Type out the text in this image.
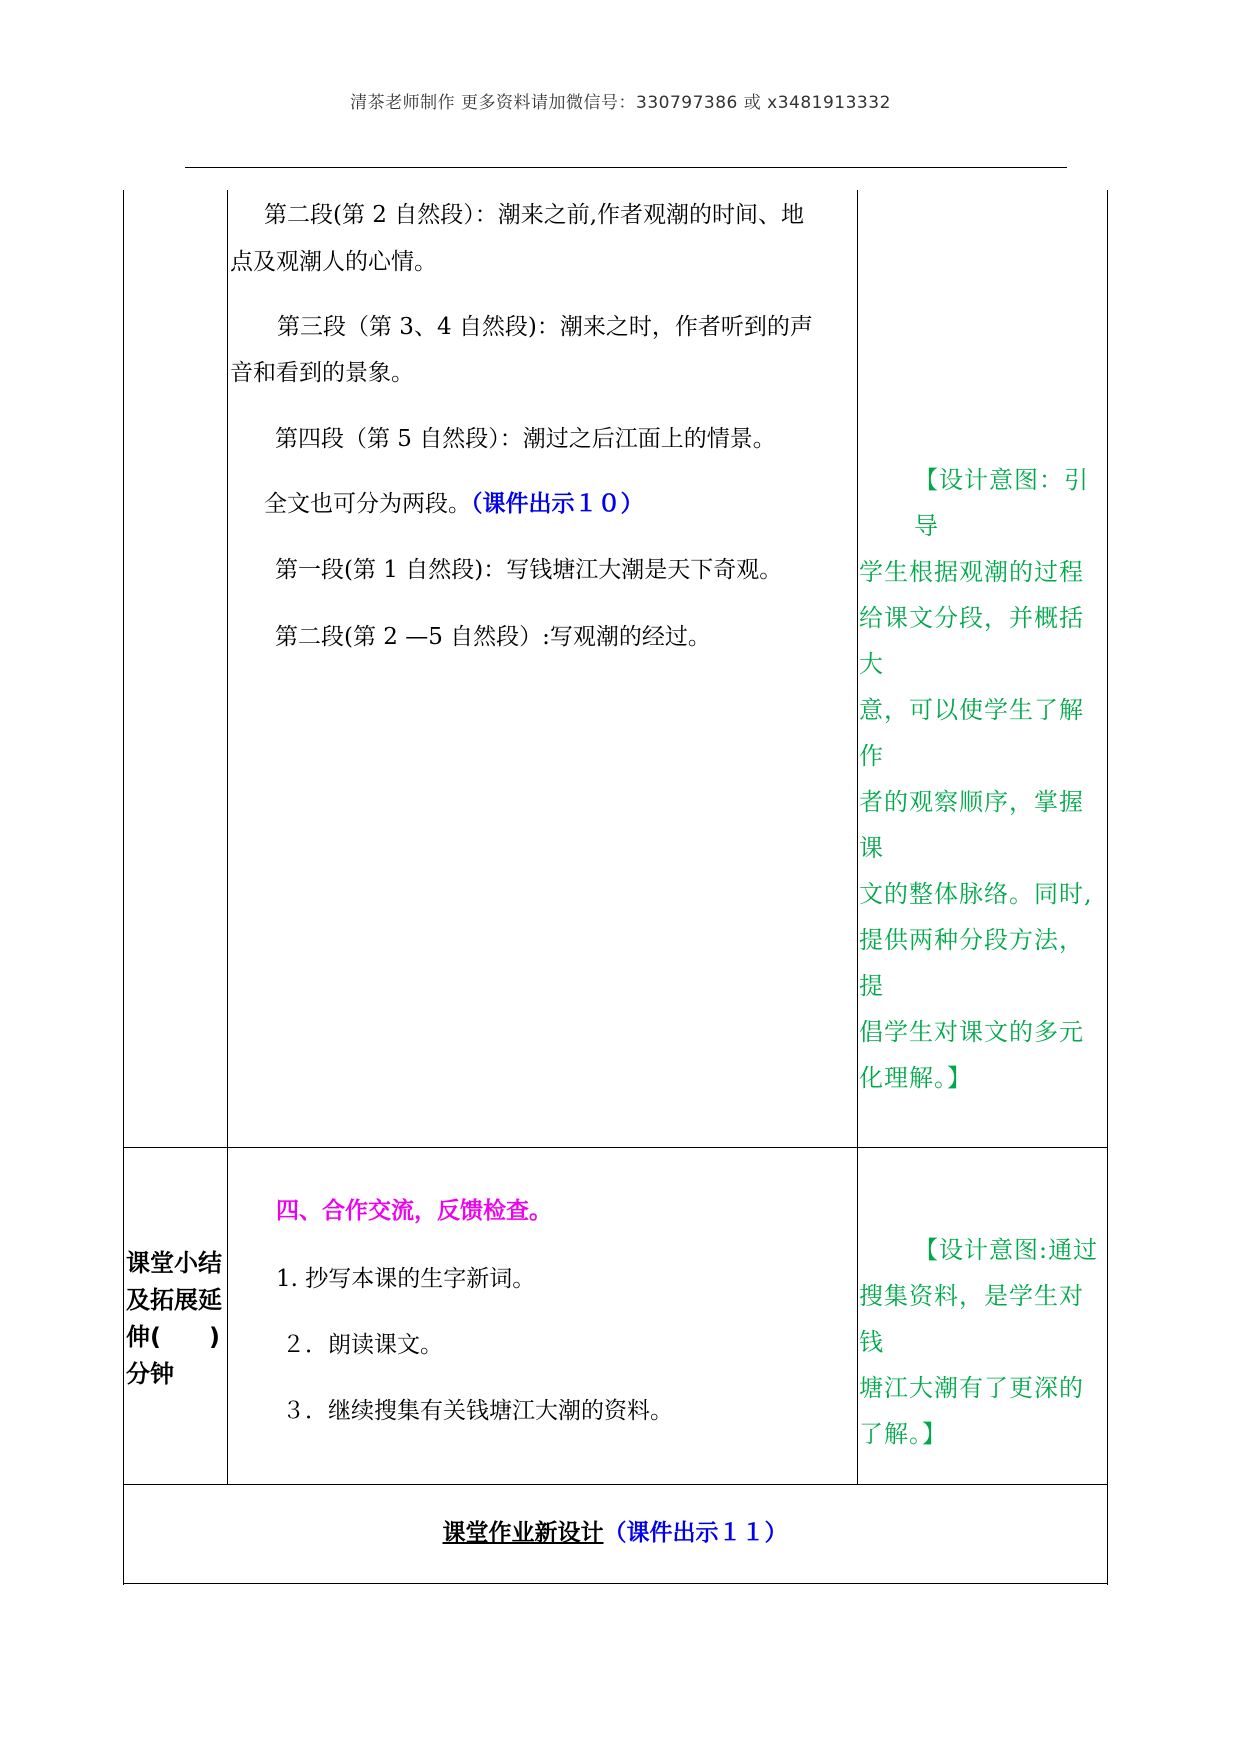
清茶老师制作 更多资料请加微信号：330797386 或 x3481913332
第二段(第 2 自然段）：潮来之前,作者观潮的时间、地
点及观潮人的心情。
第三段（第 3、4 自然段)：潮来之时，作者听到的声
音和看到的景象。
第四段（第 5 自然段）：潮过之后江面上的情景。
全文也可分为两段。（课件出示１０）
第一段(第 1 自然段)：写钱塘江大潮是天下奇观。
第二段(第 2 —5 自然段）:写观潮的经过。
【设计意图：引导
学生根据观潮的过程
给课文分段，并概括大
意，可以使学生了解作
者的观察顺序，掌握课
文的整体脉络。同时,
提供两种分段方法，提
倡学生对课文的多元
化理解。】
课堂小结
及拓展延
伸(　　)
分钟
四、合作交流，反馈检查。
1. 抄写本课的生字新词。
２．朗读课文。
３．继续搜集有关钱塘江大潮的资料。
【设计意图:通过
搜集资料，是学生对钱
塘江大潮有了更深的
了解。】
课堂作业新设计（课件出示１１）
